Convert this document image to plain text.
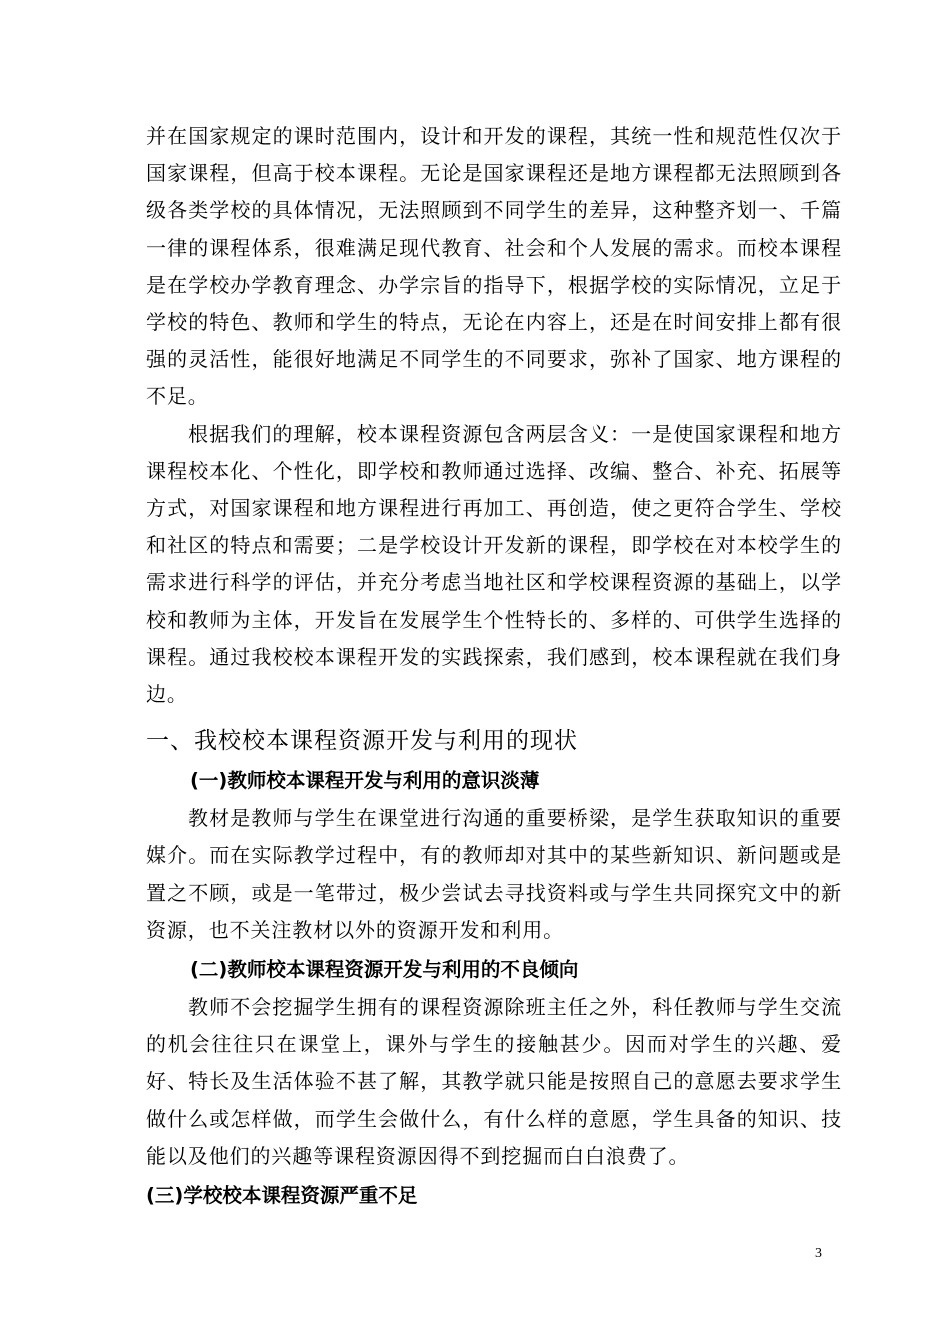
并在国家规定的课时范围内，设计和开发的课程，其统一性和规范性仅次于国家课程，但高于校本课程。无论是国家课程还是地方课程都无法照顾到各级各类学校的具体情况，无法照顾到不同学生的差异，这种整齐划一、千篇一律的课程体系，很难满足现代教育、社会和个人发展的需求。而校本课程是在学校办学教育理念、办学宗旨的指导下，根据学校的实际情况，立足于学校的特色、教师和学生的特点，无论在内容上，还是在时间安排上都有很强的灵活性，能很好地满足不同学生的不同要求，弥补了国家、地方课程的不足。

根据我们的理解，校本课程资源包含两层含义：一是使国家课程和地方课程校本化、个性化，即学校和教师通过选择、改编、整合、补充、拓展等方式，对国家课程和地方课程进行再加工、再创造，使之更符合学生、学校和社区的特点和需要；二是学校设计开发新的课程，即学校在对本校学生的需求进行科学的评估，并充分考虑当地社区和学校课程资源的基础上，以学校和教师为主体，开发旨在发展学生个性特长的、多样的、可供学生选择的课程。通过我校校本课程开发的实践探索，我们感到，校本课程就在我们身边。

一、我校校本课程资源开发与利用的现状
(一)教师校本课程开发与利用的意识淡薄

教材是教师与学生在课堂进行沟通的重要桥梁，是学生获取知识的重要媒介。而在实际教学过程中，有的教师却对其中的某些新知识、新问题或是置之不顾，或是一笔带过，极少尝试去寻找资料或与学生共同探究文中的新资源，也不关注教材以外的资源开发和利用。

(二)教师校本课程资源开发与利用的不良倾向

教师不会挖掘学生拥有的课程资源除班主任之外，科任教师与学生交流的机会往往只在课堂上，课外与学生的接触甚少。因而对学生的兴趣、爱好、特长及生活体验不甚了解，其教学就只能是按照自己的意愿去要求学生做什么或怎样做，而学生会做什么，有什么样的意愿，学生具备的知识、技能以及他们的兴趣等课程资源因得不到挖掘而白白浪费了。

(三)学校校本课程资源严重不足
3
